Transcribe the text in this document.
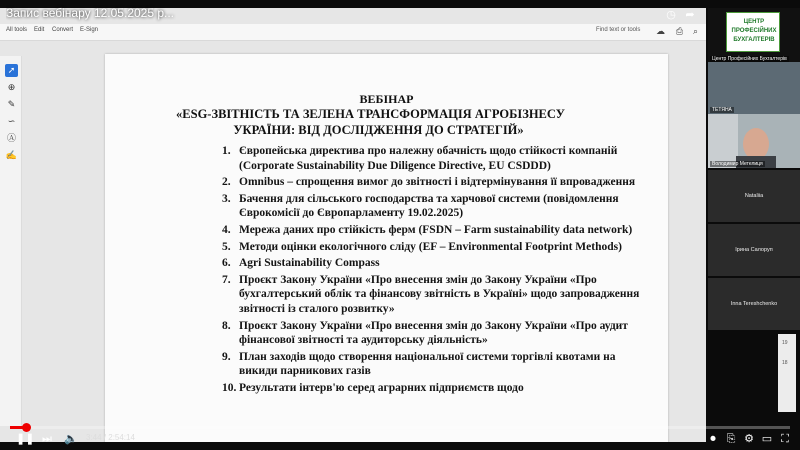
All tools Edit Convert E-Sign	Find text or tools ☁ ⎙	⌕
➚
⊕
✎
∽
Ⓐ
✍
ВЕБІНАР
«ESG-ЗВІТНІСТЬ ТА ЗЕЛЕНА ТРАНСФОРМАЦІЯ АГРОБІЗНЕСУ
УКРАЇНИ: ВІД ДОСЛІДЖЕННЯ ДО СТРАТЕГІЙ»
1. Європейська директива про належну обачність щодо стійкості компаній (Corporate Sustainability Due Diligence Directive, EU CSDDD)
2. Omnibus – спрощення вимог до звітності і відтермінування її впровадження
3. Бачення для сільського господарства та харчової системи (повідомлення Єврокомісії до Європарламенту 19.02.2025)
4. Мережа даних про стійкість ферм (FSDN – Farm sustainability data network)
5. Методи оцінки екологічного сліду (EF – Environmental Footprint Methods)
6. Agri Sustainability Compass
7. Проєкт Закону України «Про внесення змін до Закону України «Про бухгалтерський облік та фінансову звітність в Україні» щодо запровадження звітності із сталого розвитку»
8. Проєкт Закону України «Про внесення змін до Закону України «Про аудит фінансової звітності та аудиторську діяльність»
9. План заходів щодо створення національної системи торгівлі квотами на викиди парникових газів
10. Результати інтерв'ю серед аграрних підприємств щодо
19
18
Запис вебінару 12.05.2025 р...	◷ ➦
Центр Професійних Бухгалтерів
ЦЕНТР
ПРОФЕСІЙНИХ
БУХГАЛТЕРІВ
ТЕТЯНА
Володимир Метелиця
Nataliia
Ірина Салоруп
Inna Tereshchenko
❚❚ ⏭ 🔈 3:44 / 2:54:14	⏺ ⎘ ⚙ ▭ ⛶
